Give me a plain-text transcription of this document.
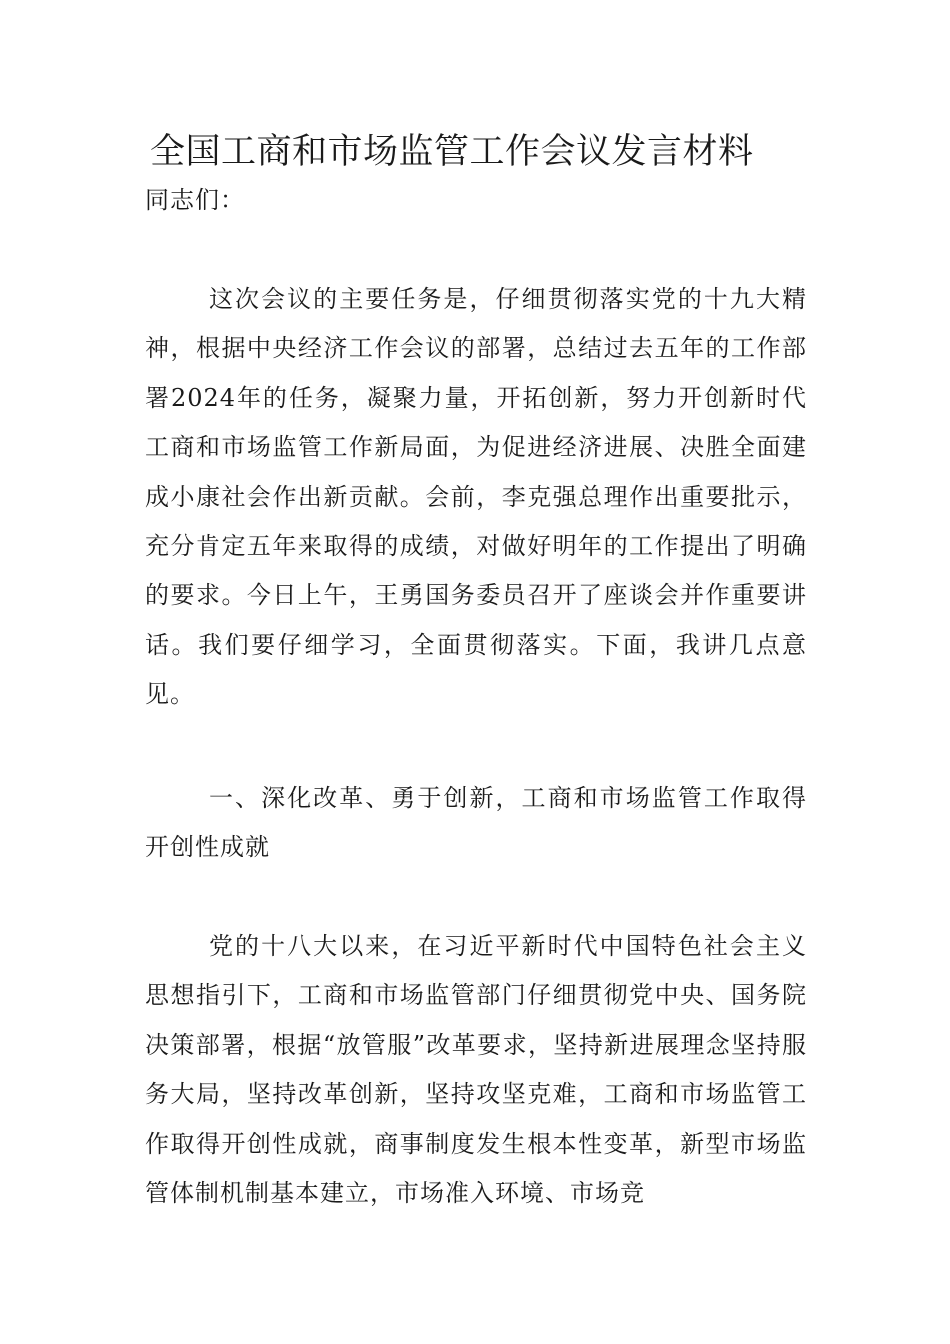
全国工商和市场监管工作会议发言材料

同志们：

这次会议的主要任务是，仔细贯彻落实党的十九大精神，根据中央经济工作会议的部署，总结过去五年的工作部署2024年的任务，凝聚力量，开拓创新，努力开创新时代工商和市场监管工作新局面，为促进经济进展、决胜全面建成小康社会作出新贡献。会前，李克强总理作出重要批示，充分肯定五年来取得的成绩，对做好明年的工作提出了明确的要求。今日上午，王勇国务委员召开了座谈会并作重要讲话。我们要仔细学习，全面贯彻落实。下面，我讲几点意见。

一、深化改革、勇于创新，工商和市场监管工作取得开创性成就

党的十八大以来，在习近平新时代中国特色社会主义思想指引下，工商和市场监管部门仔细贯彻党中央、国务院决策部署，根据“放管服”改革要求，坚持新进展理念坚持服务大局，坚持改革创新，坚持攻坚克难，工商和市场监管工作取得开创性成就，商事制度发生根本性变革，新型市场监管体制机制基本建立，市场准入环境、市场竞
